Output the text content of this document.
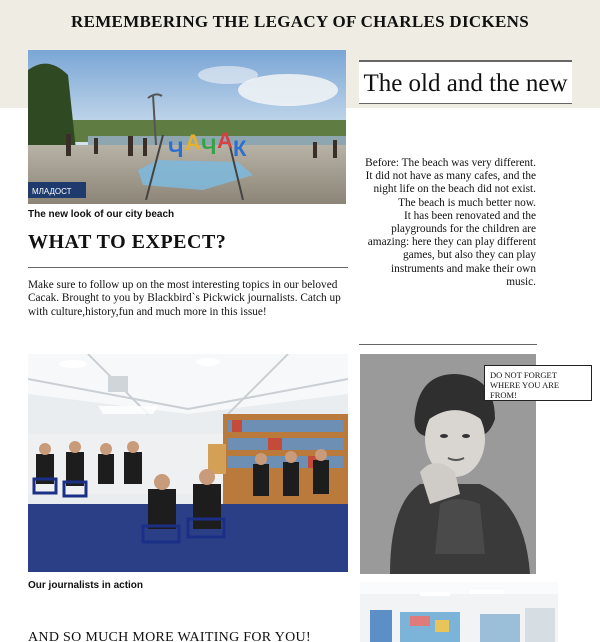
REMEMBERING THE LEGACY OF CHARLES DICKENS
Ч А Ч А К
МЛАДОСТ
The new look of our city beach
WHAT TO EXPECT?
Make sure to follow up on the most interesting topics in our beloved Cacak. Brought to you by Blackbird`s Pickwick journalists. Catch up with culture,history,fun and much more in this issue!
The old and the new

Before: The beach was very different. It did not have as many cafes, and the night life on the beach did not exist. The beach is much better now.

It has been renovated and the playgrounds for the children are amazing: here they can play different games, but also they can play instruments and make their own music.

Our journalists in action
DO NOT FORGET WHERE YOU ARE FROM!
AND SO MUCH MORE WAITING FOR YOU!
